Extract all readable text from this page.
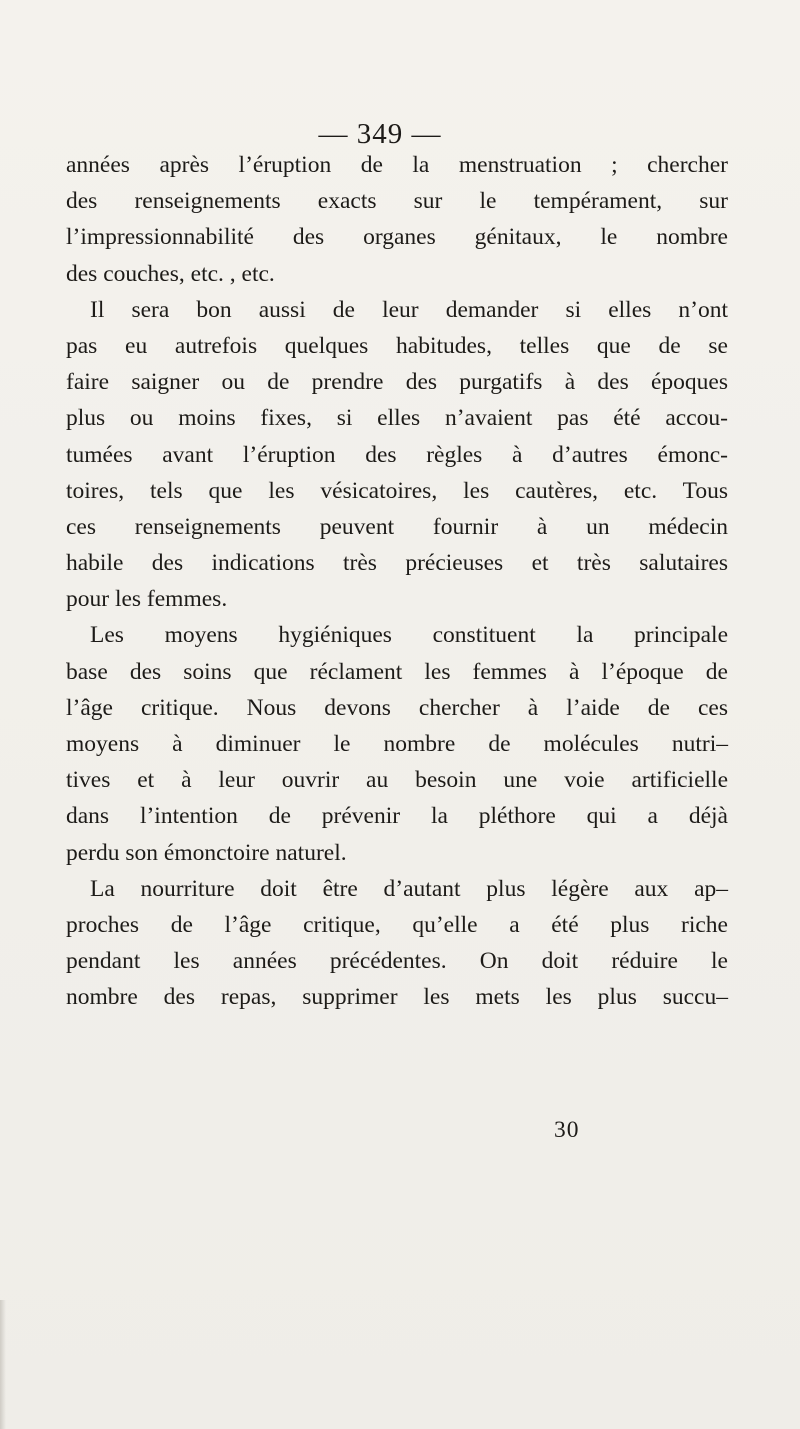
— 349 —
années après l’éruption de la menstruation ; chercher
des renseignements exacts sur le tempérament, sur
l’impressionnabilité des organes génitaux, le nombre
des couches, etc. , etc.
Il sera bon aussi de leur demander si elles n’ont
pas eu autrefois quelques habitudes, telles que de se
faire saigner ou de prendre des purgatifs à des époques
plus ou moins fixes, si elles n’avaient pas été accou-
tumées avant l’éruption des règles à d’autres émonc-
toires, tels que les vésicatoires, les cautères, etc. Tous
ces renseignements peuvent fournir à un médecin
habile des indications très précieuses et très salutaires
pour les femmes.
Les moyens hygiéniques constituent la principale
base des soins que réclament les femmes à l’époque de
l’âge critique. Nous devons chercher à l’aide de ces
moyens à diminuer le nombre de molécules nutri–
tives et à leur ouvrir au besoin une voie artificielle
dans l’intention de prévenir la pléthore qui a déjà
perdu son émonctoire naturel.
La nourriture doit être d’autant plus légère aux ap–
proches de l’âge critique, qu’elle a été plus riche
pendant les années précédentes. On doit réduire le
nombre des repas, supprimer les mets les plus succu–
30
